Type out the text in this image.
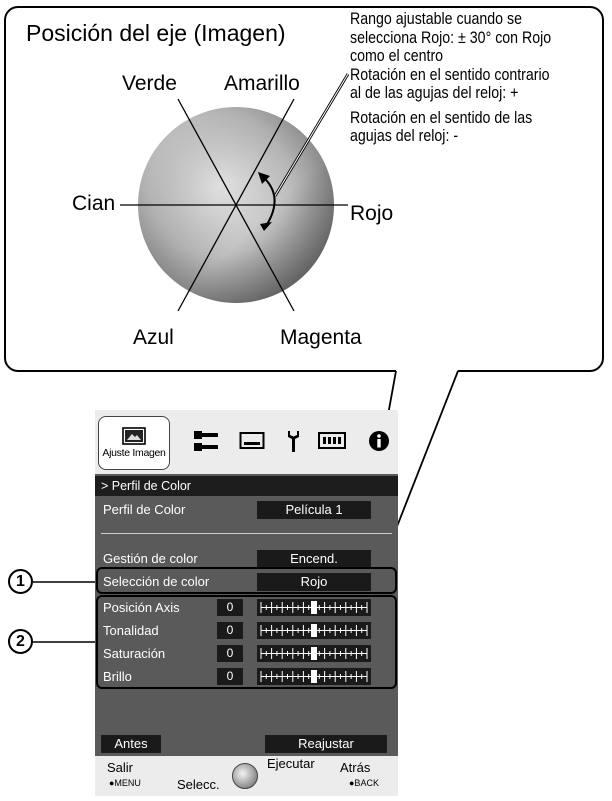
Posición del eje (Imagen)
Rango ajustable cuando se
selecciona Rojo: ± 30° con Rojo
como el centro
Rotación en el sentido contrario
al de las agujas del reloj: +
Rotación en el sentido de las
agujas del reloj: -
Verde Amarillo
Cian	Rojo
Azul	Magenta
Ajuste Imagen
> Perfil de Color
Perfil de Color	Película 1
Gestión de color	Encend.
Selección de color	Rojo
Posición Axis	0
Tonalidad	0
Saturación	0
Brillo	0
Antes	Reajustar
Salir
●MENU	Selecc.
Ejecutar Atrás
●BACK
1
2
